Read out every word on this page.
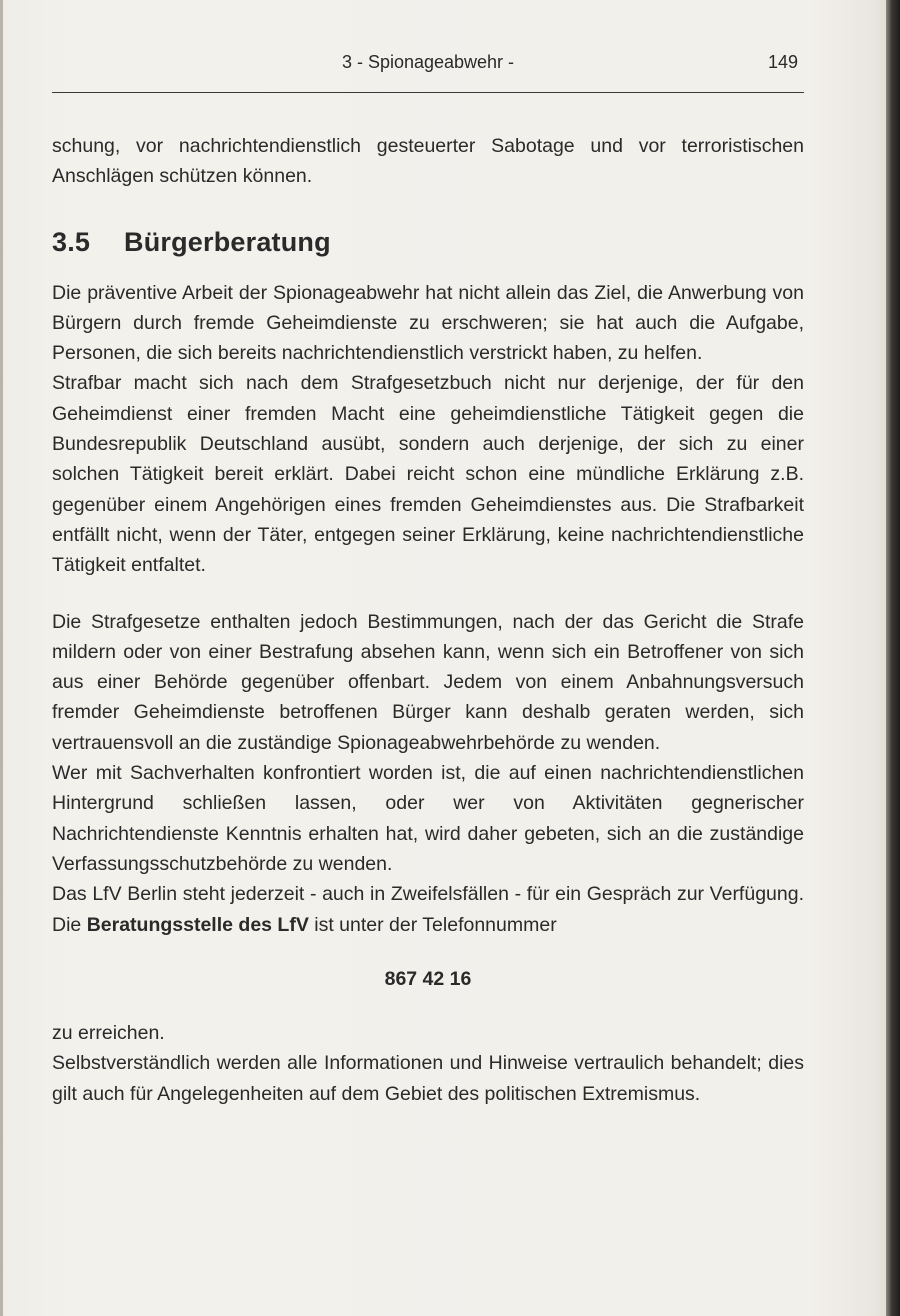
3 - Spionageabwehr -	149

schung, vor nachrichtendienstlich gesteuerter Sabotage und vor terroristischen Anschlägen schützen können.

3.5 Bürgerberatung

Die präventive Arbeit der Spionageabwehr hat nicht allein das Ziel, die Anwerbung von Bürgern durch fremde Geheimdienste zu erschweren; sie hat auch die Aufgabe, Personen, die sich bereits nachrichtendienstlich verstrickt haben, zu helfen.

Strafbar macht sich nach dem Strafgesetzbuch nicht nur derjenige, der für den Geheimdienst einer fremden Macht eine geheimdienstliche Tätigkeit gegen die Bundesrepublik Deutschland ausübt, sondern auch derjenige, der sich zu einer solchen Tätigkeit bereit erklärt. Dabei reicht schon eine mündliche Erklärung z.B. gegenüber einem Angehörigen eines fremden Geheimdienstes aus. Die Strafbarkeit entfällt nicht, wenn der Täter, entgegen seiner Erklärung, keine nachrichtendienstliche Tätigkeit entfaltet.

Die Strafgesetze enthalten jedoch Bestimmungen, nach der das Gericht die Strafe mildern oder von einer Bestrafung absehen kann, wenn sich ein Betroffener von sich aus einer Behörde gegenüber offenbart. Jedem von einem Anbahnungsversuch fremder Geheimdienste betroffenen Bürger kann deshalb geraten werden, sich vertrauensvoll an die zuständige Spionageabwehrbehörde zu wenden.

Wer mit Sachverhalten konfrontiert worden ist, die auf einen nachrichtendienstlichen Hintergrund schließen lassen, oder wer von Aktivitäten gegnerischer Nachrichtendienste Kenntnis erhalten hat, wird daher gebeten, sich an die zuständige Verfassungsschutzbehörde zu wenden.

Das LfV Berlin steht jederzeit - auch in Zweifelsfällen - für ein Gespräch zur Verfügung. Die Beratungsstelle des LfV ist unter der Telefonnummer

867 42 16

zu erreichen.

Selbstverständlich werden alle Informationen und Hinweise vertraulich behandelt; dies gilt auch für Angelegenheiten auf dem Gebiet des politischen Extremismus.
